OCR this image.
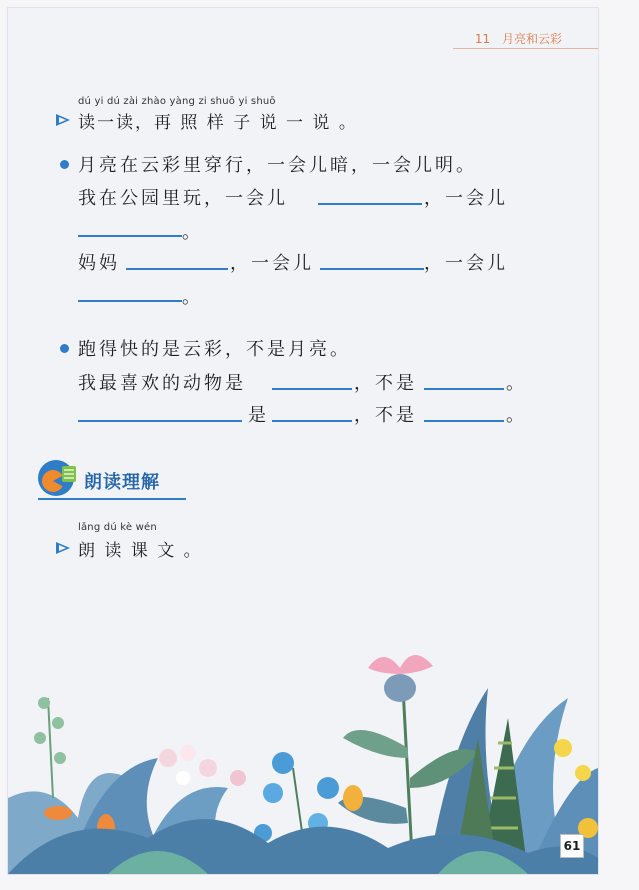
11 月亮和云彩
dú yi dú zài zhào yàng zi shuō yi shuō
读一读，再 照 样 子 说 一 说 。
月亮在云彩里穿行，一会儿暗，一会儿明。
我在公园里玩，一会儿	，一会儿
。
妈妈	，一会儿	，一会儿
。
跑得快的是云彩，不是月亮。
我最喜欢的动物是	，不是	。
是	，不是	。
朗读理解
lǎng dú kè wén
朗 读 课 文 。
61
